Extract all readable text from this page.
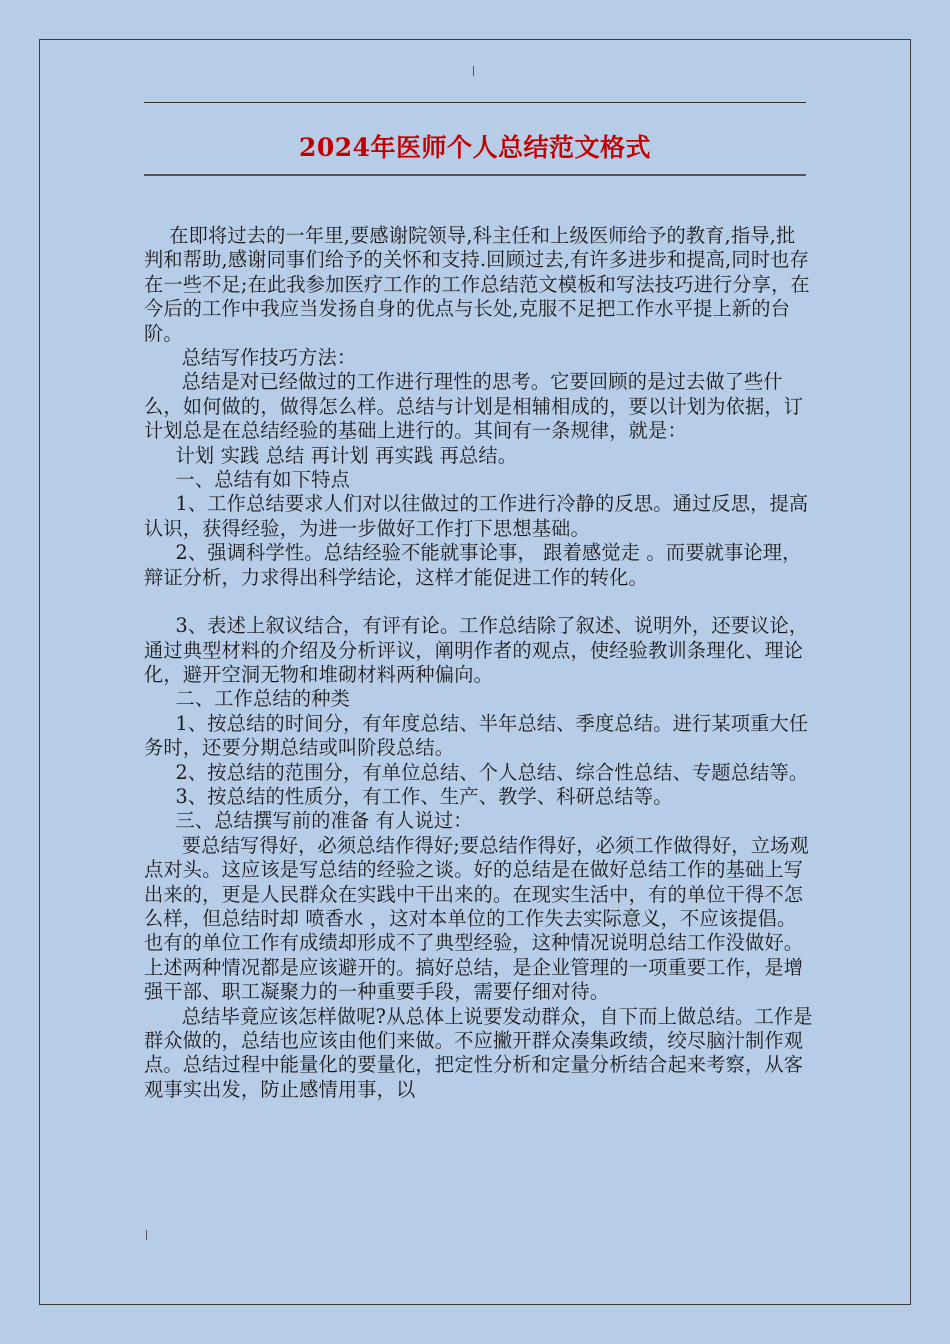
2024年医师个人总结范文格式

在即将过去的一年里,要感谢院领导,科主任和上级医师给予的教育,指导,批判和帮助,感谢同事们给予的关怀和支持.回顾过去,有许多进步和提高,同时也存在一些不足;在此我参加医疗工作的工作总结范文模板和写法技巧进行分享，在今后的工作中我应当发扬自身的优点与长处,克服不足把工作水平提上新的台阶。

总结写作技巧方法：

总结是对已经做过的工作进行理性的思考。它要回顾的是过去做了些什么，如何做的，做得怎么样。总结与计划是相辅相成的，要以计划为依据，订计划总是在总结经验的基础上进行的。其间有一条规律，就是：

计划 实践 总结 再计划 再实践 再总结。

一、总结有如下特点

1、工作总结要求人们对以往做过的工作进行冷静的反思。通过反思，提高认识，获得经验，为进一步做好工作打下思想基础。

2、强调科学性。总结经验不能就事论事， 跟着感觉走 。而要就事论理，辩证分析，力求得出科学结论，这样才能促进工作的转化。

3、表述上叙议结合，有评有论。工作总结除了叙述、说明外，还要议论，通过典型材料的介绍及分析评议，阐明作者的观点，使经验教训条理化、理论化，避开空洞无物和堆砌材料两种偏向。

二、工作总结的种类

1、按总结的时间分，有年度总结、半年总结、季度总结。进行某项重大任务时，还要分期总结或叫阶段总结。

2、按总结的范围分，有单位总结、个人总结、综合性总结、专题总结等。

3、按总结的性质分，有工作、生产、教学、科研总结等。

三、总结撰写前的准备 有人说过：

要总结写得好，必须总结作得好;要总结作得好，必须工作做得好，立场观点对头。这应该是写总结的经验之谈。好的总结是在做好总结工作的基础上写出来的，更是人民群众在实践中干出来的。在现实生活中，有的单位干得不怎么样，但总结时却 喷香水 ，这对本单位的工作失去实际意义，不应该提倡。也有的单位工作有成绩却形成不了典型经验，这种情况说明总结工作没做好。上述两种情况都是应该避开的。搞好总结，是企业管理的一项重要工作，是增强干部、职工凝聚力的一种重要手段，需要仔细对待。

总结毕竟应该怎样做呢?从总体上说要发动群众，自下而上做总结。工作是群众做的，总结也应该由他们来做。不应撇开群众凑集政绩，绞尽脑汁制作观点。总结过程中能量化的要量化，把定性分析和定量分析结合起来考察，从客观事实出发，防止感情用事，以
